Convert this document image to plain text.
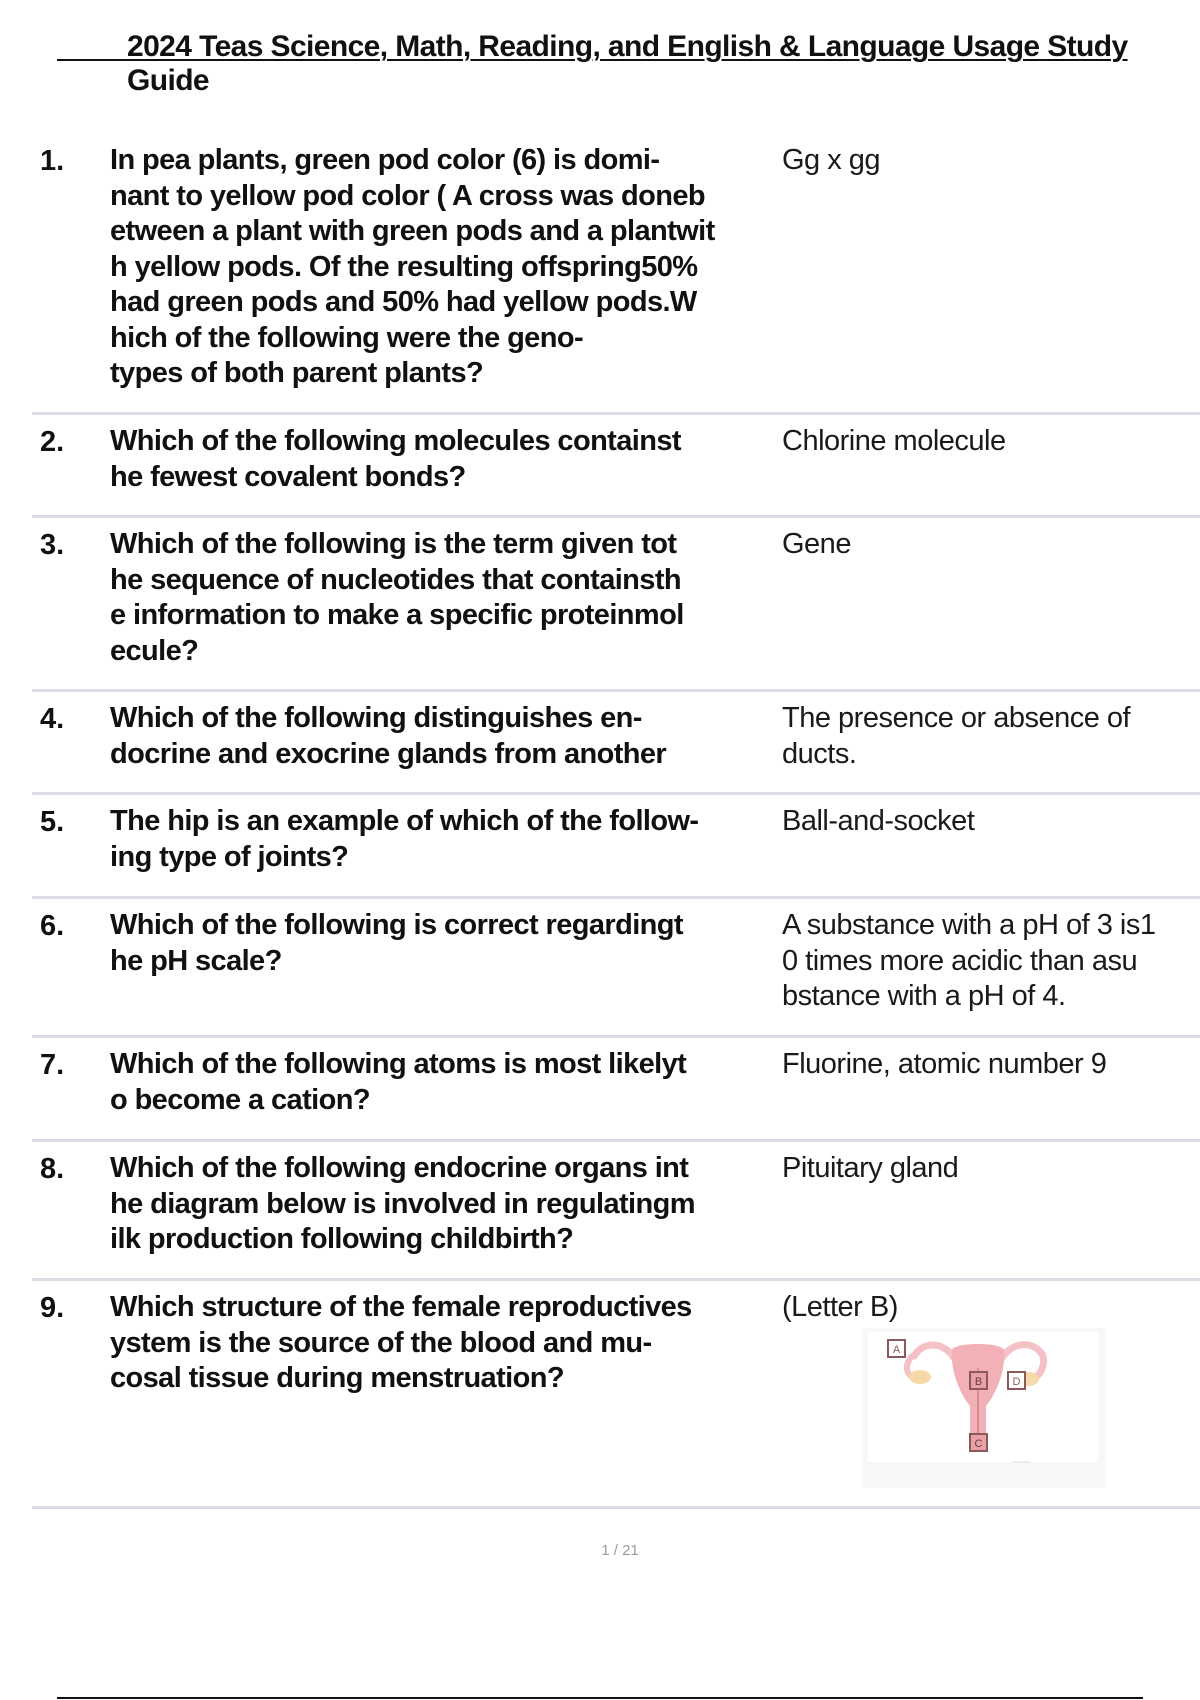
2024 Teas Science, Math, Reading, and English & Language Usage Study
Guide
1. In pea plants, green pod color (6) is domi-
nant to yellow pod color ( A cross was doneb
etween a plant with green pods and a plantwit
h yellow pods. Of the resulting offspring50%
had green pods and 50% had yellow pods.W
hich of the following were the geno-
types of both parent plants?
Gg x gg
2. Which of the following molecules containst
he fewest covalent bonds?
Chlorine molecule
3. Which of the following is the term given tot
he sequence of nucleotides that containsth
e information to make a specific proteinmol
ecule?
Gene
4. Which of the following distinguishes en-
docrine and exocrine glands from another
The presence or absence of
ducts.
5. The hip is an example of which of the follow-
ing type of joints?
Ball-and-socket
6. Which of the following is correct regardingt
he pH scale?
A substance with a pH of 3 is1
0 times more acidic than asu
bstance with a pH of 4.
7. Which of the following atoms is most likelyt
o become a cation?
Fluorine, atomic number 9
8. Which of the following endocrine organs int
he diagram below is involved in regulatingm
ilk production following childbirth?
Pituitary gland
9. Which structure of the female reproductives
ystem is the source of the blood and mu-
cosal tissue during menstruation?
(Letter B)
A
B	D
C
1 / 21
